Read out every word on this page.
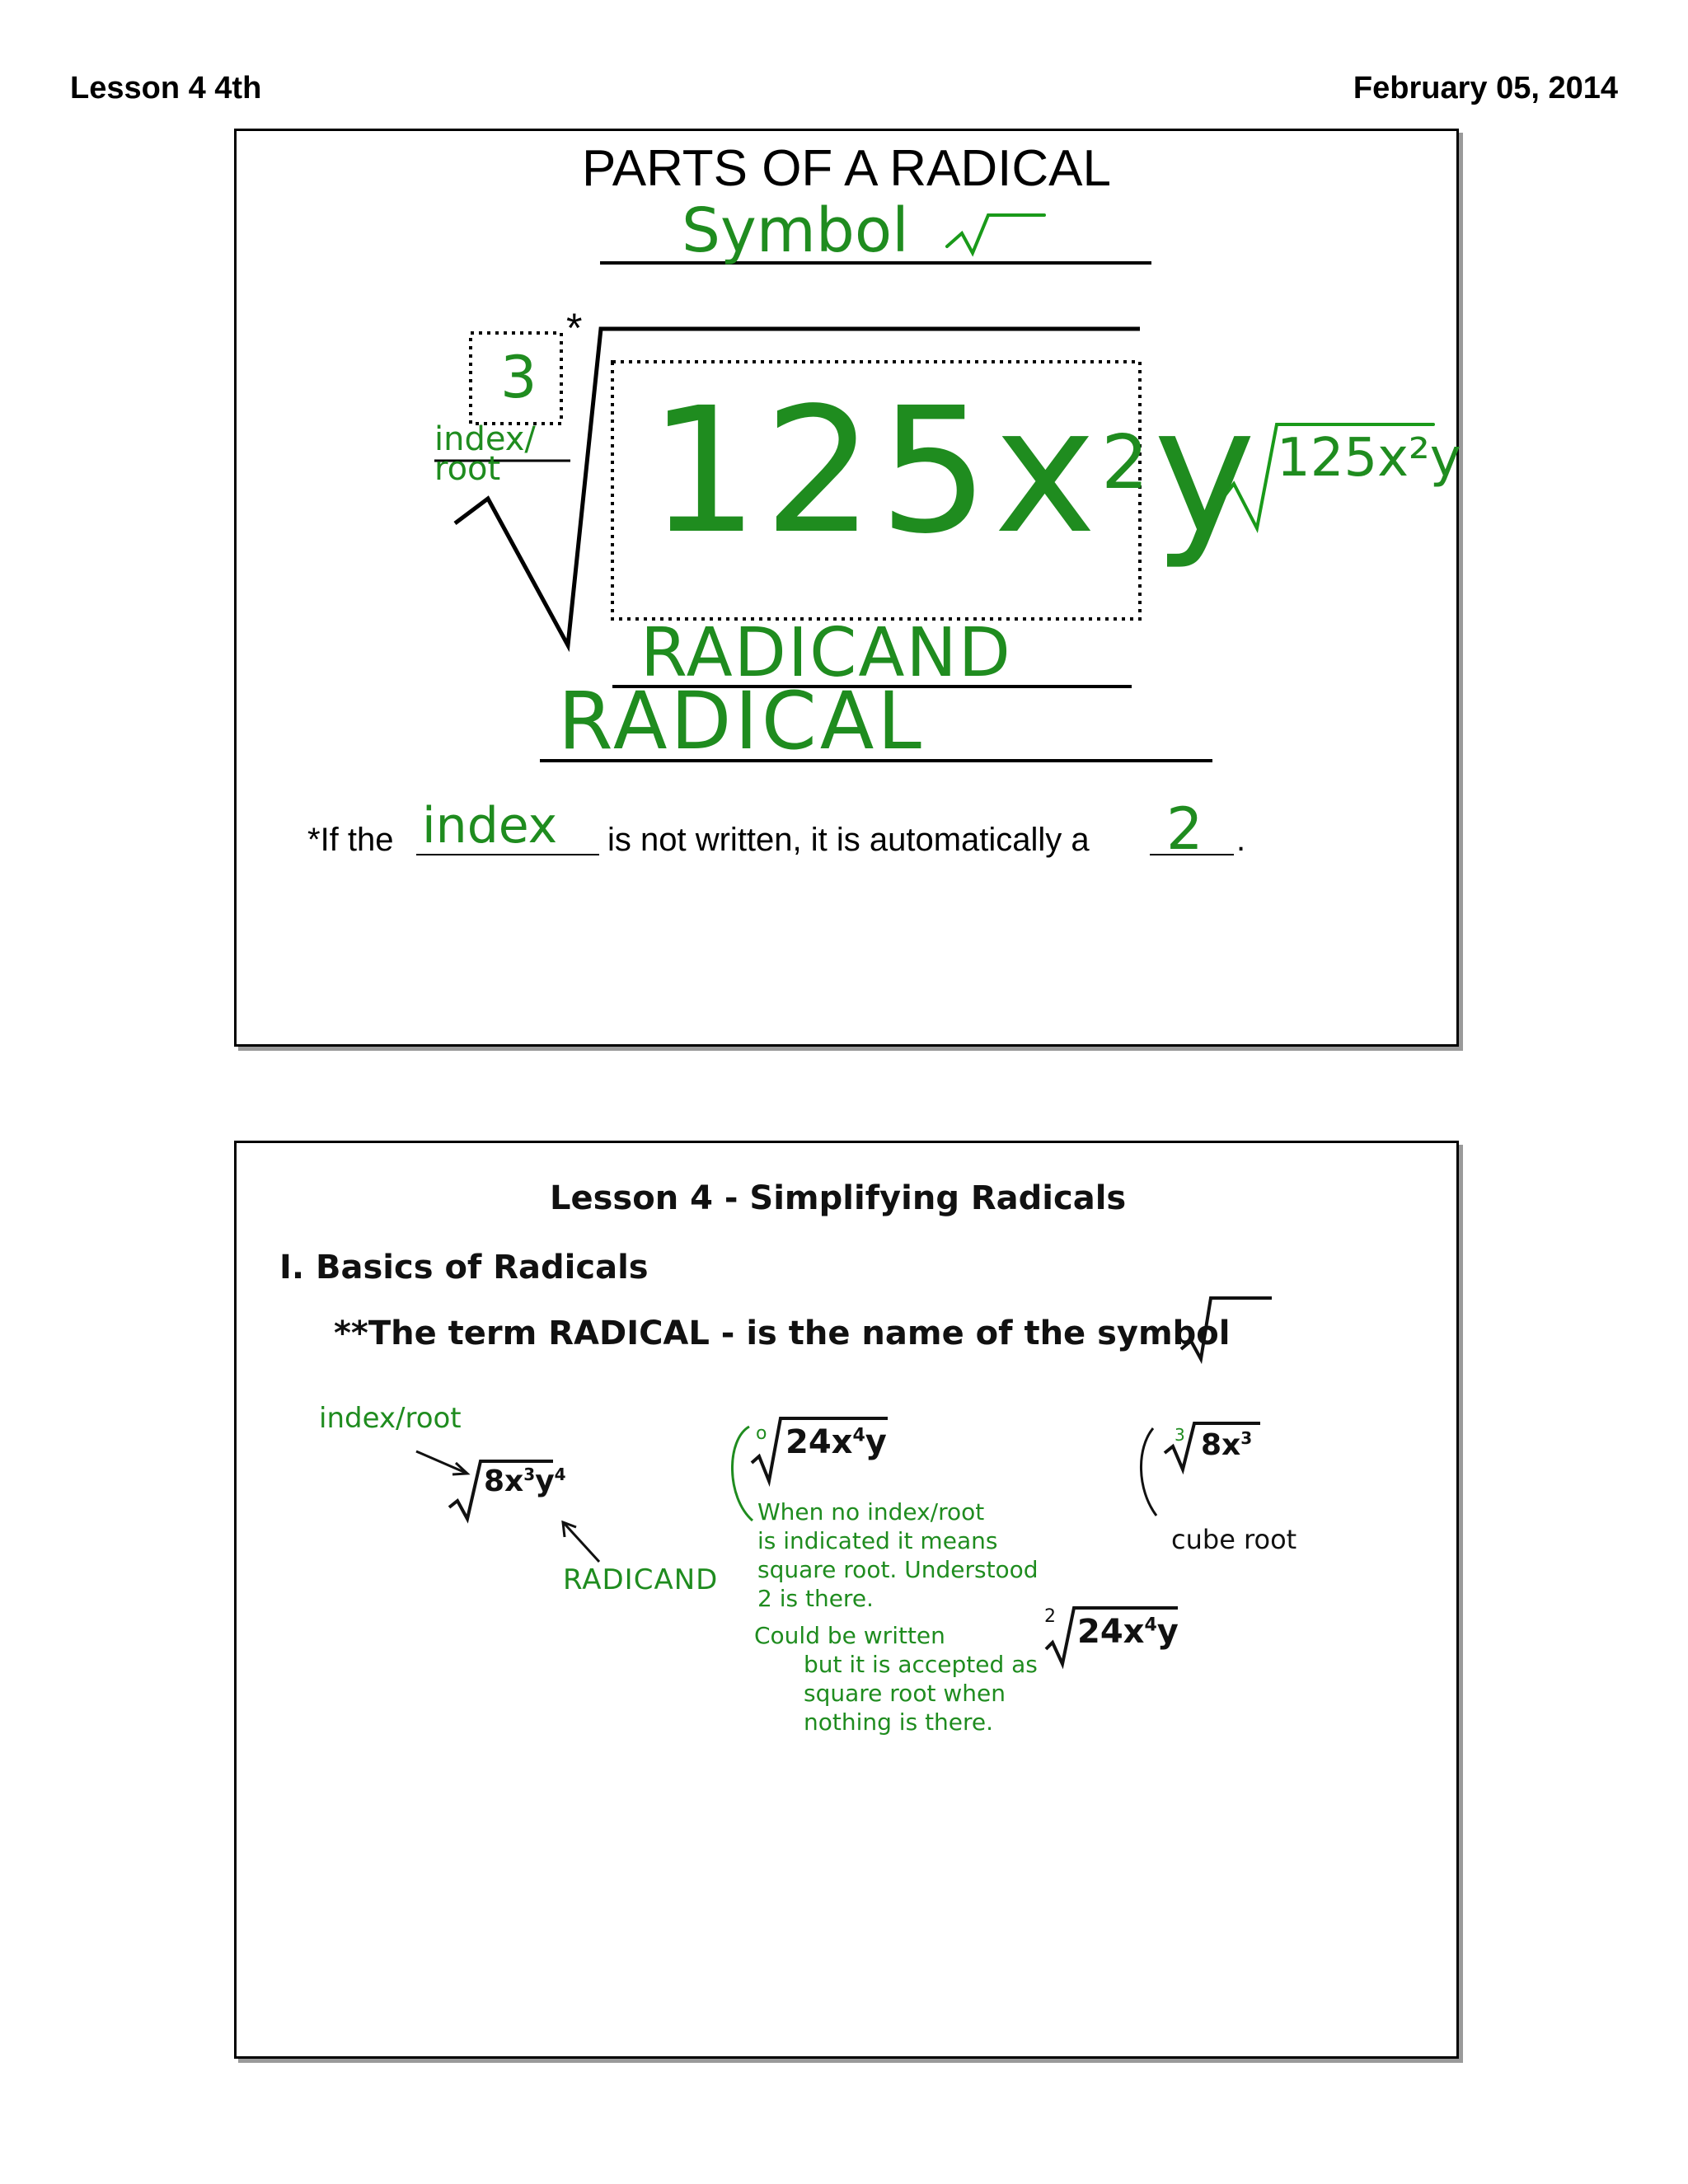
Lesson 4 4th	February 05, 2014
PARTS OF A RADICAL
Symbol
*
3
index/
root $125x^2y$ 125x²y
RADICAND
RADICAL
*If the index is not written, it is automatically a 2 .
Lesson 4 - Simplifying Radicals
I. Basics of Radicals
**The term RADICAL - is the name of the symbol
index/root
$8x^3y^4$
RADICAND
o $24x^4y$
When no index/root
is indicated it means
square root. Understood
2 is there.
Could be written
but it is accepted as
square root when
nothing is there.
2 $24x^4y$
3 $8x^3$
cube root
